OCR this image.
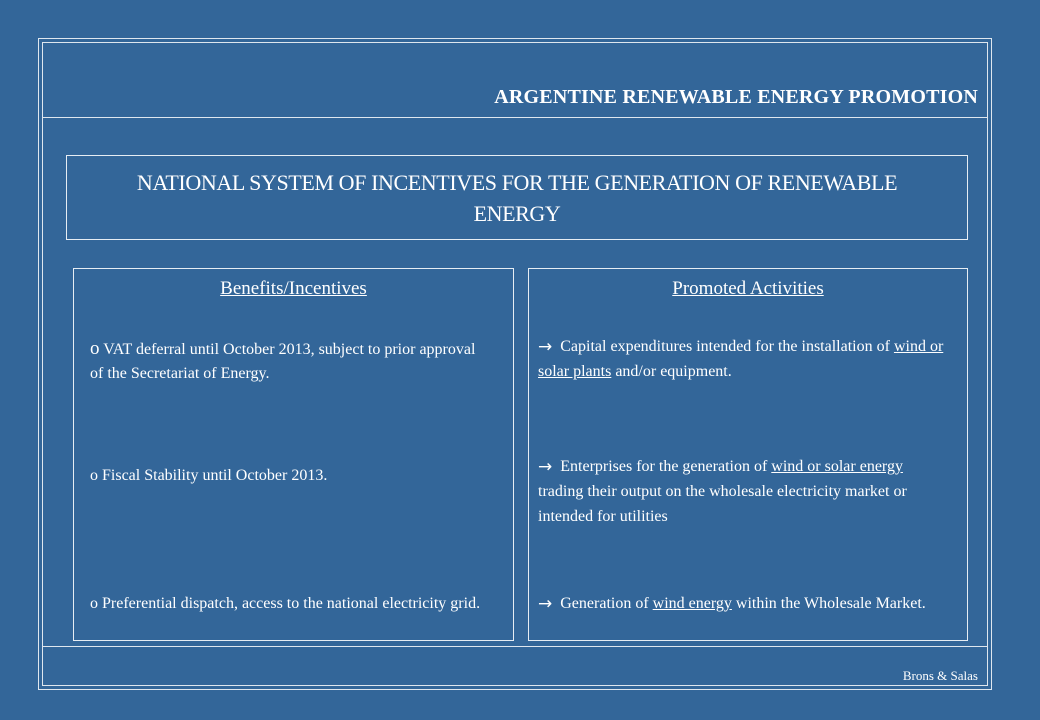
ARGENTINE RENEWABLE ENERGY PROMOTION
NATIONAL SYSTEM OF INCENTIVES FOR THE GENERATION OF RENEWABLE ENERGY
Benefits/Incentives
o VAT deferral until October 2013, subject to prior approval of the Secretariat of Energy.
o Fiscal Stability until October 2013.
o Preferential dispatch, access to the national electricity grid.
Promoted Activities
→ Capital expenditures intended for the installation of wind or solar plants and/or equipment.
→ Enterprises for the generation of wind or solar energy trading their output on the wholesale electricity market or intended for utilities
→ Generation of wind energy within the Wholesale Market.
Brons & Salas
